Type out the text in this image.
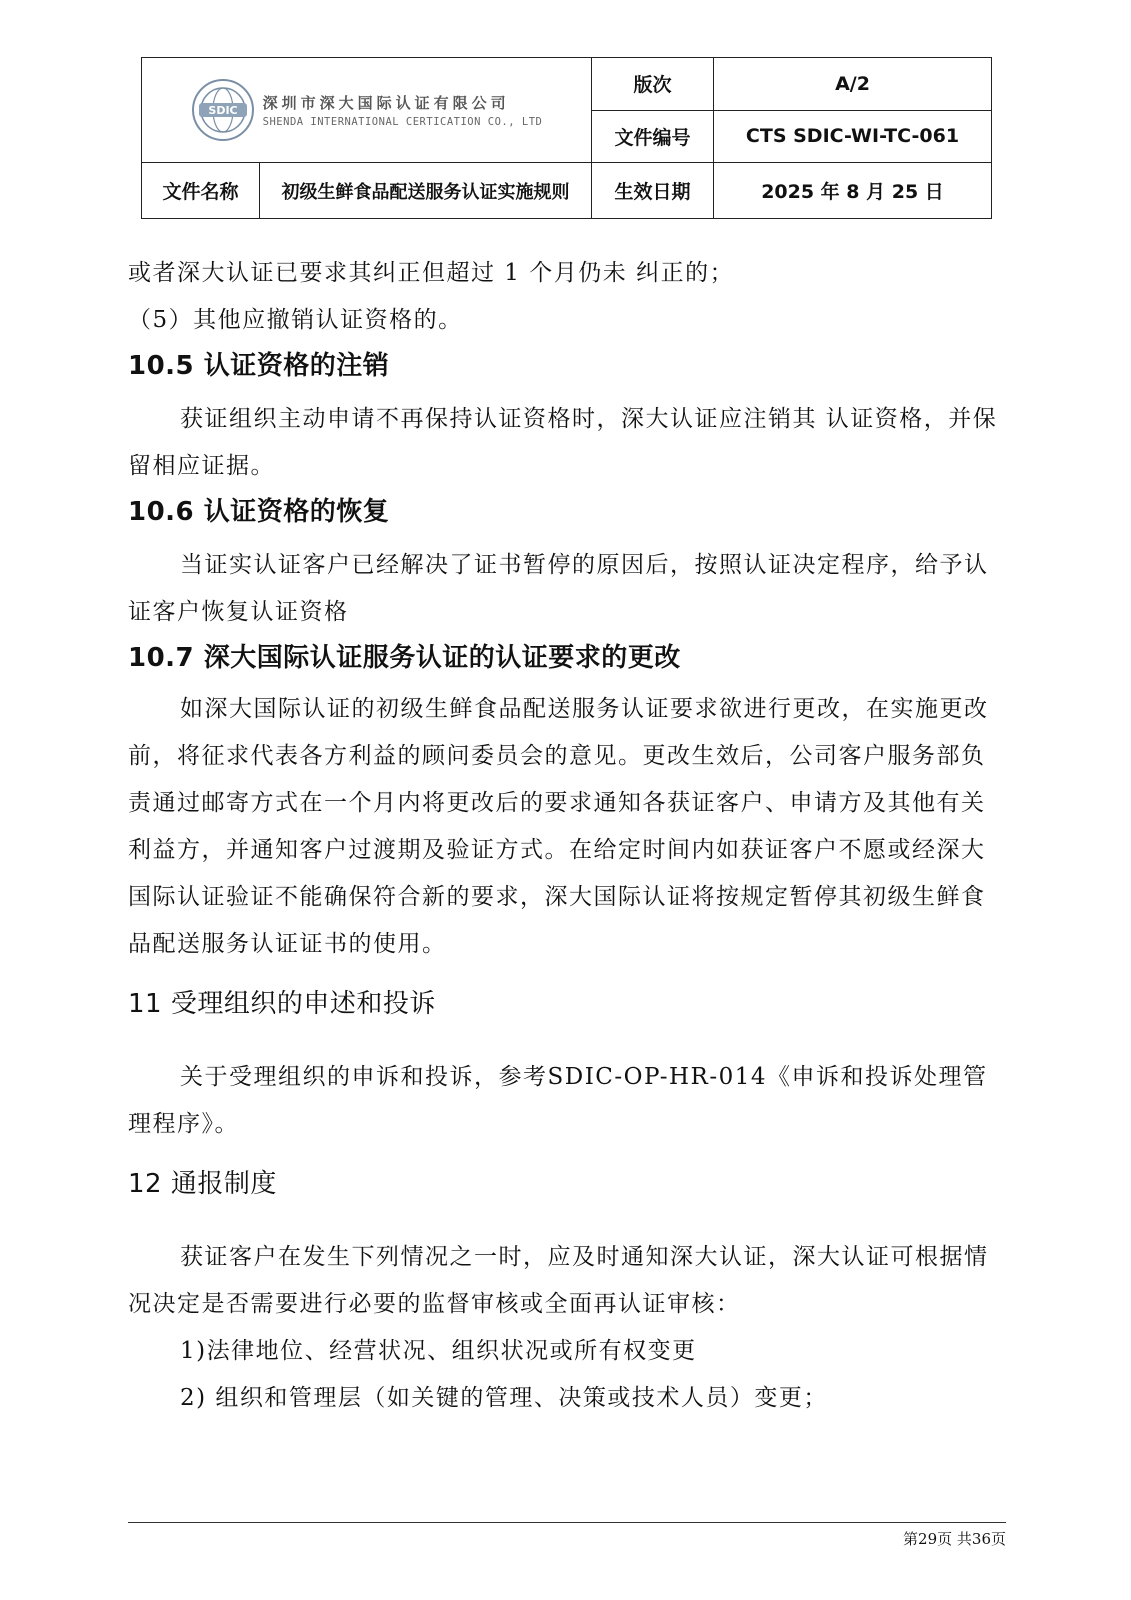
SDIC 深圳市深大国际认证有限公司
SHENDA INTERNATIONAL CERTICATION CO., LTD		版次	A/2
		文件编号	CTS SDIC-WI-TC-061
文件名称	初级生鲜食品配送服务认证实施规则	生效日期	2025 年 8 月 25 日

或者深大认证已要求其纠正但超过 1 个月仍未 纠正的；

（5）其他应撤销认证资格的。

10.5 认证资格的注销

获证组织主动申请不再保持认证资格时，深大认证应注销其 认证资格，并保留相应证据。

10.6 认证资格的恢复

当证实认证客户已经解决了证书暂停的原因后，按照认证决定程序，给予认证客户恢复认证资格

10.7 深大国际认证服务认证的认证要求的更改

如深大国际认证的初级生鲜食品配送服务认证要求欲进行更改，在实施更改前，将征求代表各方利益的顾问委员会的意见。更改生效后，公司客户服务部负责通过邮寄方式在一个月内将更改后的要求通知各获证客户、申请方及其他有关利益方，并通知客户过渡期及验证方式。在给定时间内如获证客户不愿或经深大国际认证验证不能确保符合新的要求，深大国际认证将按规定暂停其初级生鲜食品配送服务认证证书的使用。

11 受理组织的申述和投诉

关于受理组织的申诉和投诉，参考SDIC-OP-HR-014《申诉和投诉处理管理程序》。

12 通报制度

获证客户在发生下列情况之一时，应及时通知深大认证，深大认证可根据情况决定是否需要进行必要的监督审核或全面再认证审核：

1)法律地位、经营状况、组织状况或所有权变更

2) 组织和管理层（如关键的管理、决策或技术人员）变更；

第29页 共36页
